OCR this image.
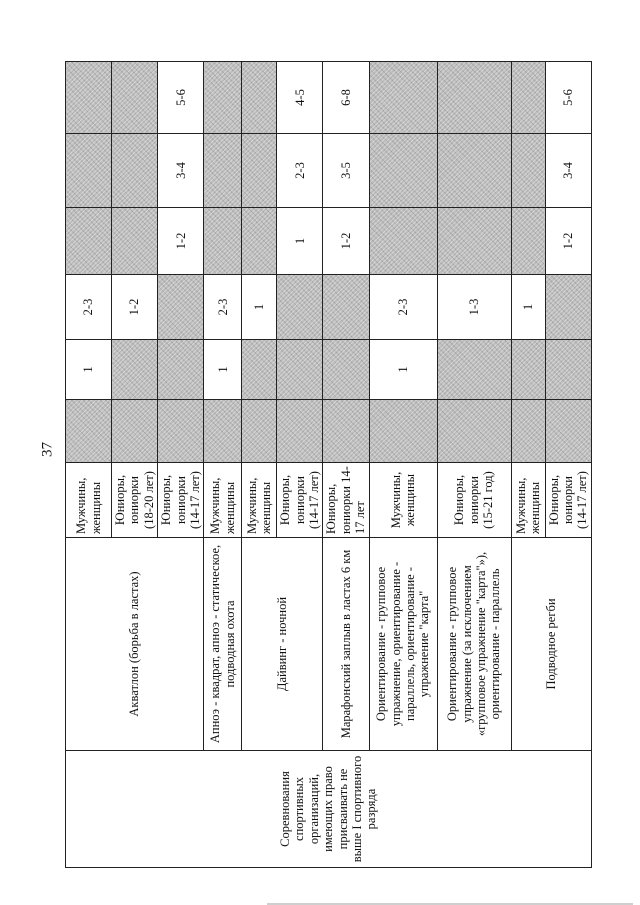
37
Соревнования спортивных организаций, имеющих право присваивать не выше I спортивного разряда	Акватлон (борьба в ластах)	Мужчины, женщины		1	2-3			
		Юниоры, юниорки (18-20 лет)			1-2			
		Юниоры, юниорки (14-17 лет)				1-2	3-4	5-6
	Апноэ - квадрат, апноэ - статическое, подводная охота	Мужчины, женщины		1	2-3			
	Дайвинг - ночной	Мужчины, женщины			1			
		Юниоры, юниорки (14-17 лет)				1	2-3	4-5
	Марафонский заплыв в ластах 6 км	Юниоры, юниорки 14-17 лет				1-2	3-5	6-8
	Ориентирование - групповое упражнение, ориентирование - параллель, ориентирование - упражнение "карта"	Мужчины, женщины		1	2-3			
	Ориентирование - групповое упражнение (за исключением «групповое упражнение "карта"»), ориентирование - параллель	Юниоры, юниорки (15-21 год)			1-3			
	Подводное регби	Мужчины, женщины			1			
		Юниоры, юниорки (14-17 лет)				1-2	3-4	5-6
